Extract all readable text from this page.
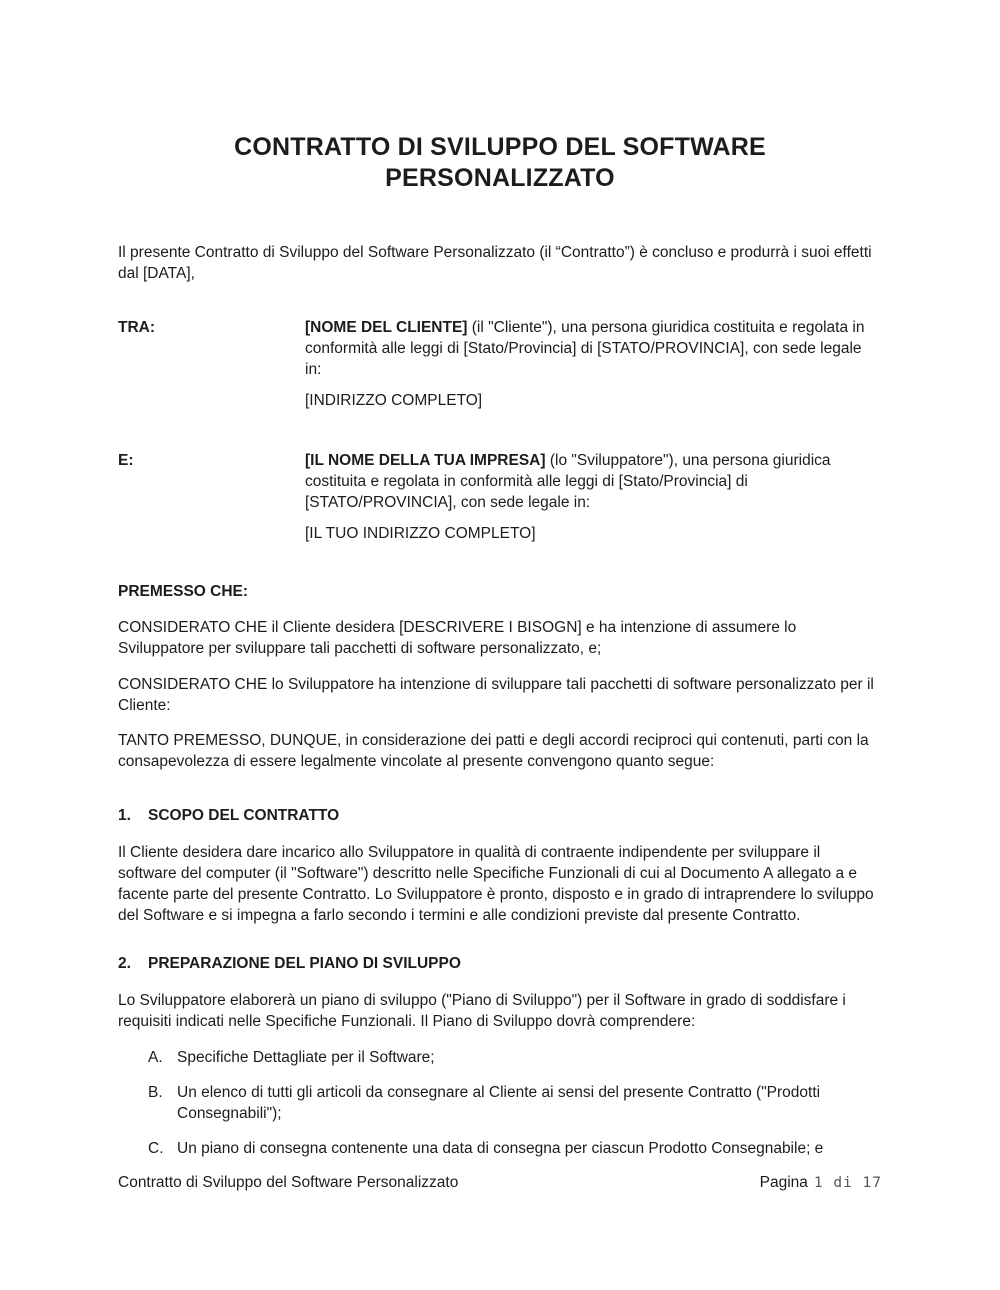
CONTRATTO DI SVILUPPO DEL SOFTWARE PERSONALIZZATO

Il presente Contratto di Sviluppo del Software Personalizzato (il “Contratto”) è concluso e produrrà i suoi effetti dal [DATA],

TRA:	[NOME DEL CLIENTE] (il "Cliente"), una persona giuridica costituita e regolata in conformità alle leggi di [Stato/Provincia] di [STATO/PROVINCIA], con sede legale in:

[INDIRIZZO COMPLETO]

E:	[IL NOME DELLA TUA IMPRESA] (lo "Sviluppatore"), una persona giuridica costituita e regolata in conformità alle leggi di [Stato/Provincia] di [STATO/PROVINCIA], con sede legale in:

[IL TUO INDIRIZZO COMPLETO]

PREMESSO CHE:

CONSIDERATO CHE il Cliente desidera [DESCRIVERE I BISOGN] e ha intenzione di assumere lo Sviluppatore per sviluppare tali pacchetti di software personalizzato, e;

CONSIDERATO CHE lo Sviluppatore ha intenzione di sviluppare tali pacchetti di software personalizzato per il Cliente:

TANTO PREMESSO, DUNQUE, in considerazione dei patti e degli accordi reciproci qui contenuti, parti con la consapevolezza di essere legalmente vincolate al presente convengono quanto segue:

1.	SCOPO DEL CONTRATTO

Il Cliente desidera dare incarico allo Sviluppatore in qualità di contraente indipendente per sviluppare il software del computer (il "Software") descritto nelle Specifiche Funzionali di cui al Documento A allegato a e facente parte del presente Contratto. Lo Sviluppatore è pronto, disposto e in grado di intraprendere lo sviluppo del Software e si impegna a farlo secondo i termini e alle condizioni previste dal presente Contratto.

2.	PREPARAZIONE DEL PIANO DI SVILUPPO

Lo Sviluppatore elaborerà un piano di sviluppo ("Piano di Sviluppo") per il Software in grado di soddisfare i requisiti indicati nelle Specifiche Funzionali. Il Piano di Sviluppo dovrà comprendere:

A. Specifiche Dettagliate per il Software;
B. Un elenco di tutti gli articoli da consegnare al Cliente ai sensi del presente Contratto ("Prodotti Consegnabili");
C. Un piano di consegna contenente una data di consegna per ciascun Prodotto Consegnabile; e
Contratto di Sviluppo del Software Personalizzato	Pagina 1 di 17
